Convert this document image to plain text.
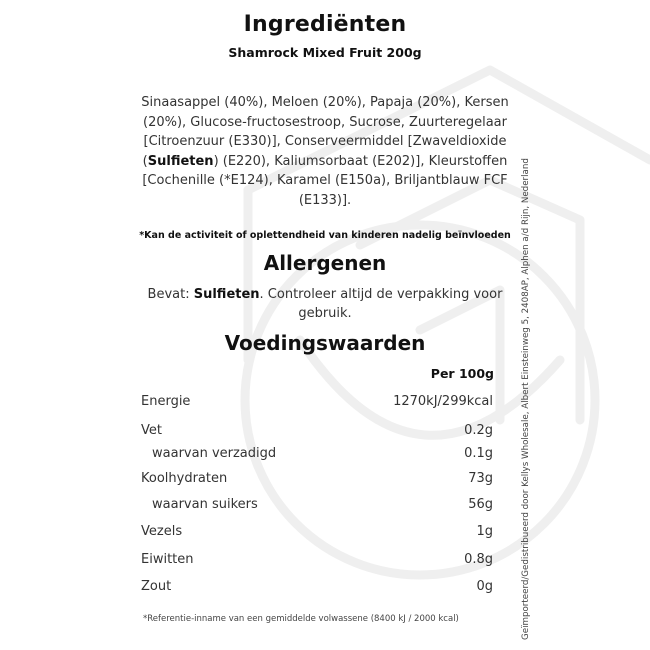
Ingrediënten
Shamrock Mixed Fruit 200g
Sinaasappel (40%), Meloen (20%), Papaja (20%), Kersen (20%), Glucose-fructosestroop, Sucrose, Zuurteregelaar [Citroenzuur (E330)], Conserveermiddel [Zwaveldioxide (Sulfieten) (E220), Kaliumsorbaat (E202)], Kleurstoffen [Cochenille (*E124), Karamel (E150a), Briljantblauw FCF (E133)].
*Kan de activiteit of oplettendheid van kinderen nadelig beïnvloeden
Allergenen
Bevat: Sulfieten. Controleer altijd de verpakking voor gebruik.
Voedingswaarden
Per 100g
Energie	1270kJ/299kcal
Vet	0.2g
waarvan verzadigd	0.1g
Koolhydraten	73g
waarvan suikers	56g
Vezels	1g
Eiwitten	0.8g
Zout	0g
*Referentie-inname van een gemiddelde volwassene (8400 kJ / 2000 kcal)	Geïmporteerd/Gedistribueerd door Kellys Wholesale, Albert Einsteinweg 5, 2408AP, Alphen a/d Rijn, Nederland
